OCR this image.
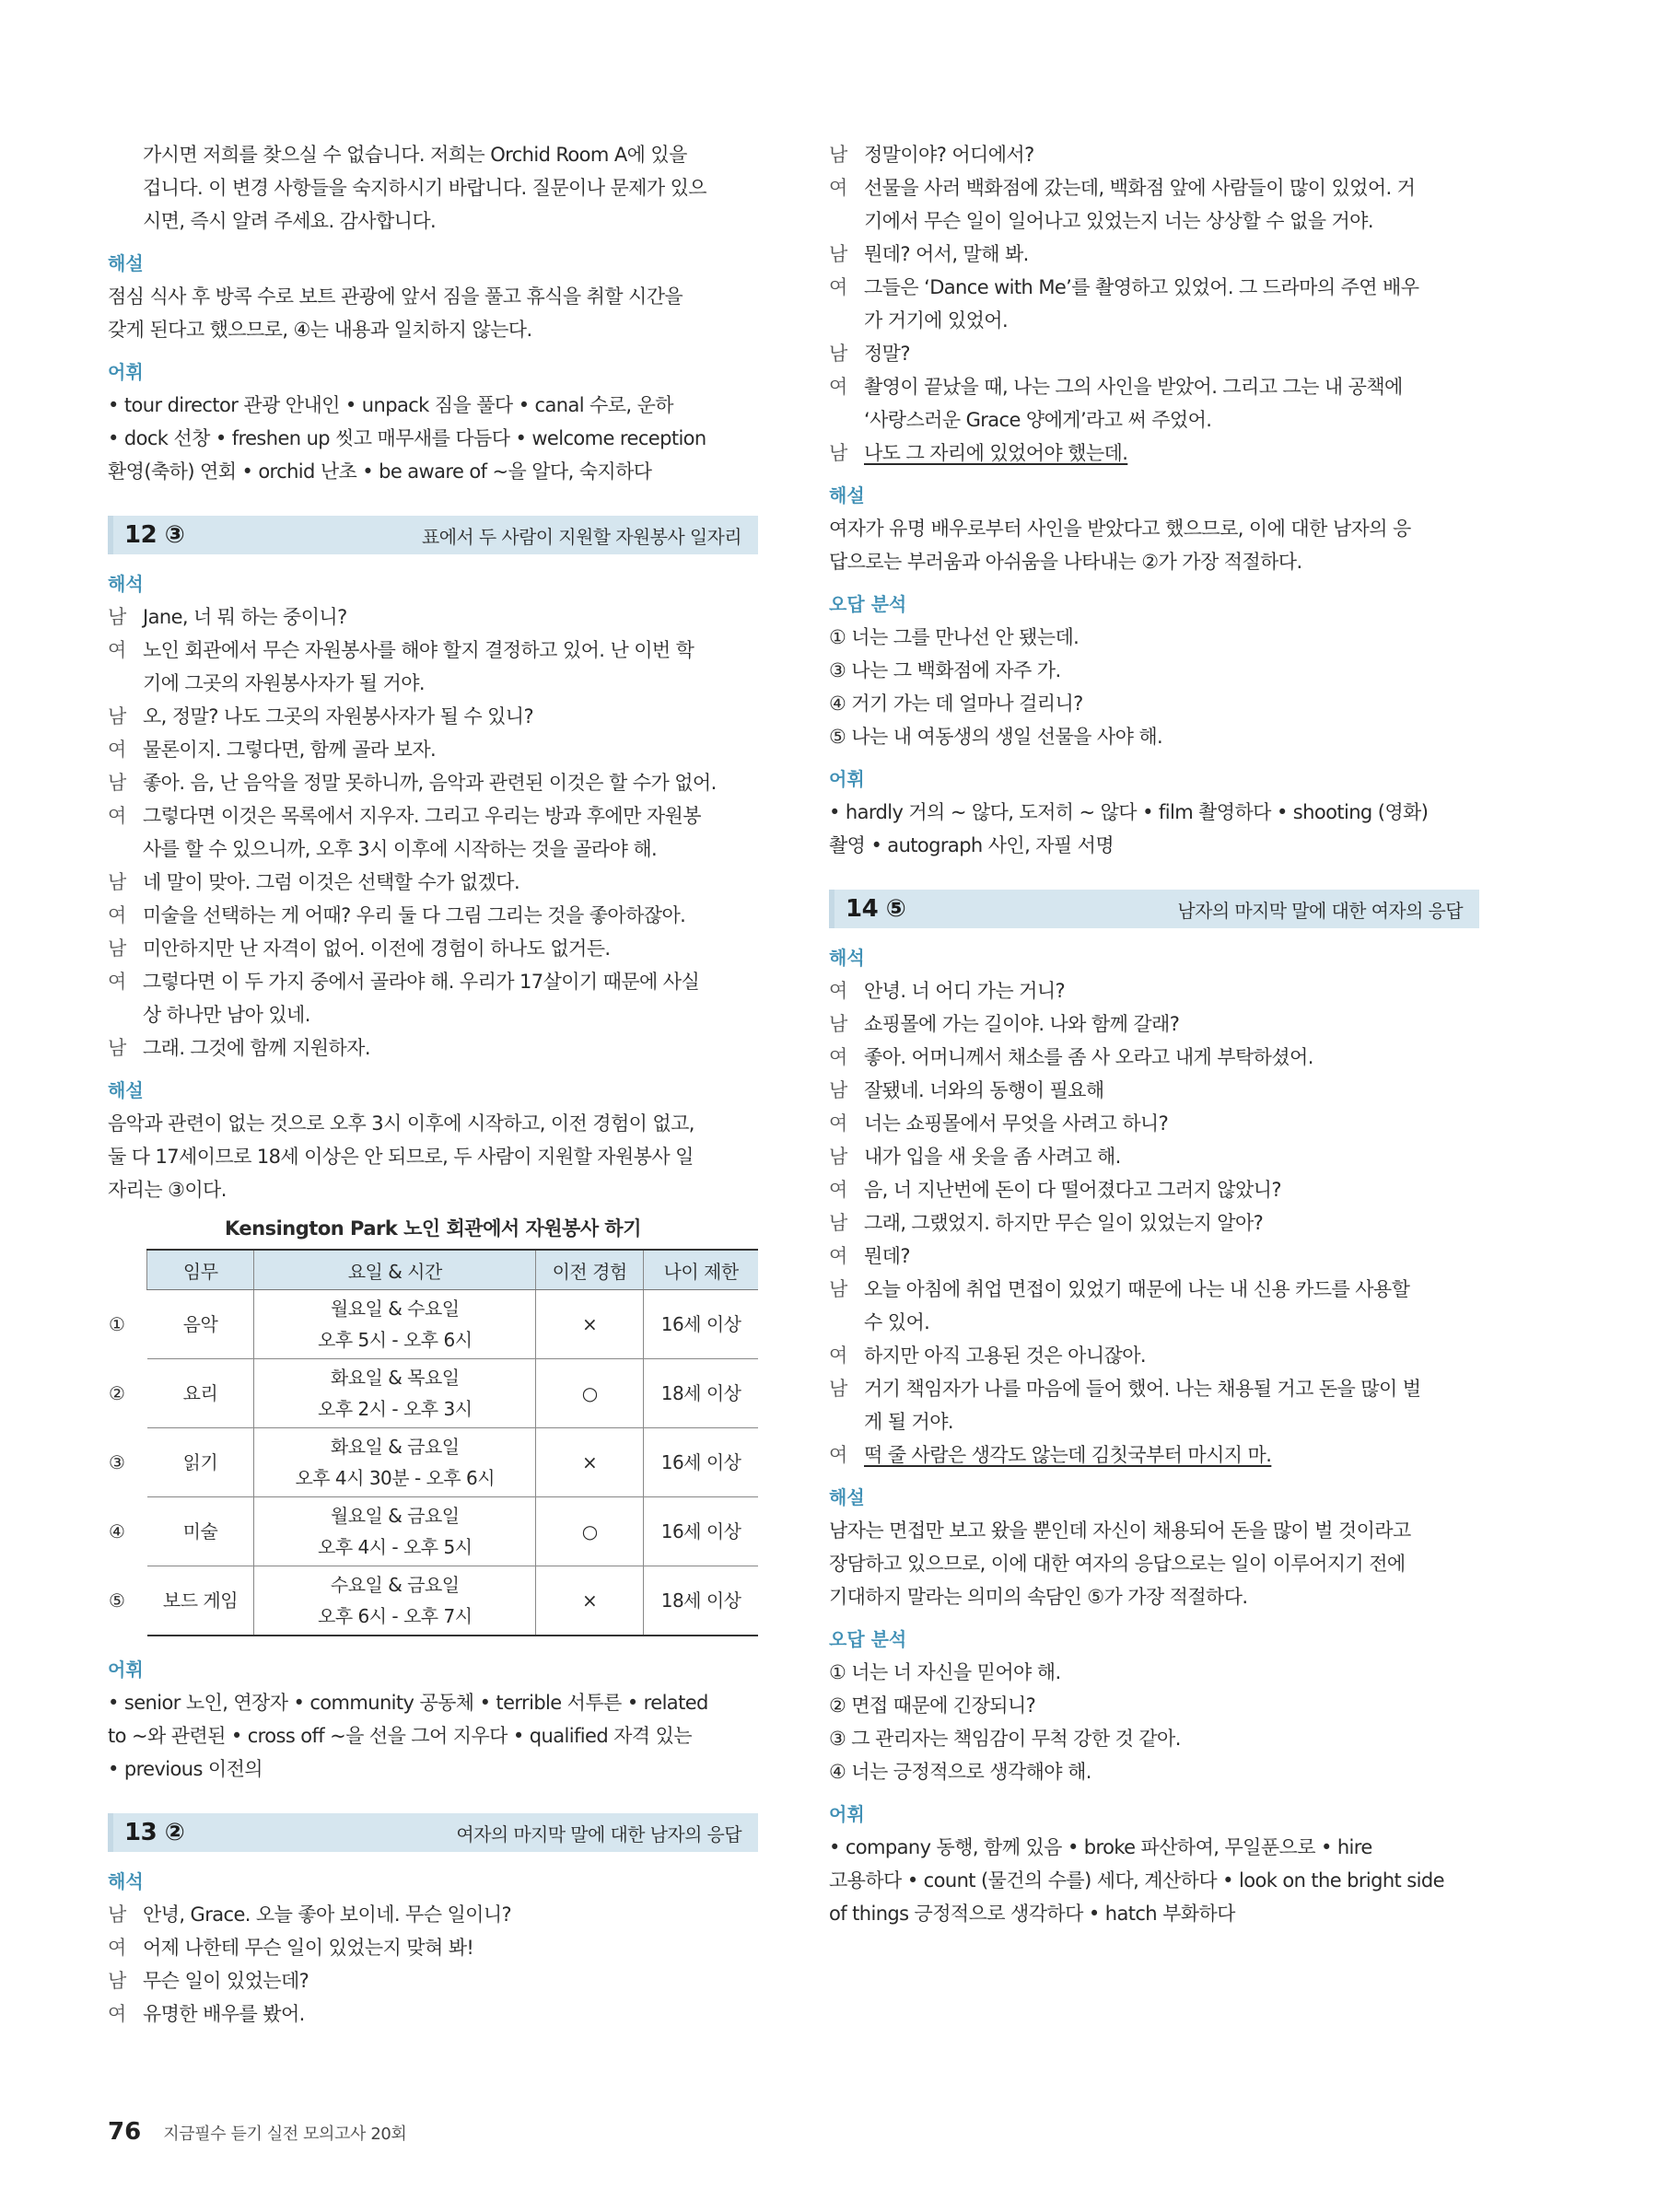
가시면 저희를 찾으실 수 없습니다. 저희는 Orchid Room A에 있을
겁니다. 이 변경 사항들을 숙지하시기 바랍니다. 질문이나 문제가 있으
시면, 즉시 알려 주세요. 감사합니다.
해설
점심 식사 후 방콕 수로 보트 관광에 앞서 짐을 풀고 휴식을 취할 시간을
갖게 된다고 했으므로, ④는 내용과 일치하지 않는다.
어휘
• tour director 관광 안내인 • unpack 짐을 풀다 • canal 수로, 운하
• dock 선창 • freshen up 씻고 매무새를 다듬다 • welcome reception
환영(축하) 연회 • orchid 난초 • be aware of ~을 알다, 숙지하다
12 ③	표에서 두 사람이 지원할 자원봉사 일자리
해석
남 Jane, 너 뭐 하는 중이니?
여 노인 회관에서 무슨 자원봉사를 해야 할지 결정하고 있어. 난 이번 학
기에 그곳의 자원봉사자가 될 거야.
남 오, 정말? 나도 그곳의 자원봉사자가 될 수 있니?
여 물론이지. 그렇다면, 함께 골라 보자.
남 좋아. 음, 난 음악을 정말 못하니까, 음악과 관련된 이것은 할 수가 없어.
여 그렇다면 이것은 목록에서 지우자. 그리고 우리는 방과 후에만 자원봉
사를 할 수 있으니까, 오후 3시 이후에 시작하는 것을 골라야 해.
남 네 말이 맞아. 그럼 이것은 선택할 수가 없겠다.
여 미술을 선택하는 게 어때? 우리 둘 다 그림 그리는 것을 좋아하잖아.
남 미안하지만 난 자격이 없어. 이전에 경험이 하나도 없거든.
여 그렇다면 이 두 가지 중에서 골라야 해. 우리가 17살이기 때문에 사실
상 하나만 남아 있네.
남 그래. 그것에 함께 지원하자.
해설
음악과 관련이 없는 것으로 오후 3시 이후에 시작하고, 이전 경험이 없고,
둘 다 17세이므로 18세 이상은 안 되므로, 두 사람이 지원할 자원봉사 일
자리는 ③이다.
Kensington Park 노인 회관에서 자원봉사 하기
	임무	요일 & 시간	이전 경험	나이 제한
①	음악	월요일 & 수요일
오후 5시 - 오후 6시	×	16세 이상
②	요리	화요일 & 목요일
오후 2시 - 오후 3시	○	18세 이상
③	읽기	화요일 & 금요일
오후 4시 30분 - 오후 6시	×	16세 이상
④	미술	월요일 & 금요일
오후 4시 - 오후 5시	○	16세 이상
⑤	보드 게임	수요일 & 금요일
오후 6시 - 오후 7시	×	18세 이상
어휘
• senior 노인, 연장자 • community 공동체 • terrible 서투른 • related
to ~와 관련된 • cross off ~을 선을 그어 지우다 • qualified 자격 있는
• previous 이전의
13 ②	여자의 마지막 말에 대한 남자의 응답
해석
남 안녕, Grace. 오늘 좋아 보이네. 무슨 일이니?
여 어제 나한테 무슨 일이 있었는지 맞혀 봐!
남 무슨 일이 있었는데?
여 유명한 배우를 봤어.
남 정말이야? 어디에서?
여 선물을 사러 백화점에 갔는데, 백화점 앞에 사람들이 많이 있었어. 거
기에서 무슨 일이 일어나고 있었는지 너는 상상할 수 없을 거야.
남 뭔데? 어서, 말해 봐.
여 그들은 ‘Dance with Me’를 촬영하고 있었어. 그 드라마의 주연 배우
가 거기에 있었어.
남 정말?
여 촬영이 끝났을 때, 나는 그의 사인을 받았어. 그리고 그는 내 공책에
‘사랑스러운 Grace 양에게’라고 써 주었어.
남 나도 그 자리에 있었어야 했는데.
해설
여자가 유명 배우로부터 사인을 받았다고 했으므로, 이에 대한 남자의 응
답으로는 부러움과 아쉬움을 나타내는 ②가 가장 적절하다.
오답 분석
① 너는 그를 만나선 안 됐는데.
③ 나는 그 백화점에 자주 가.
④ 거기 가는 데 얼마나 걸리니?
⑤ 나는 내 여동생의 생일 선물을 사야 해.
어휘
• hardly 거의 ~ 않다, 도저히 ~ 않다 • film 촬영하다 • shooting (영화)
촬영 • autograph 사인, 자필 서명
14 ⑤	남자의 마지막 말에 대한 여자의 응답
해석
여 안녕. 너 어디 가는 거니?
남 쇼핑몰에 가는 길이야. 나와 함께 갈래?
여 좋아. 어머니께서 채소를 좀 사 오라고 내게 부탁하셨어.
남 잘됐네. 너와의 동행이 필요해
여 너는 쇼핑몰에서 무엇을 사려고 하니?
남 내가 입을 새 옷을 좀 사려고 해.
여 음, 너 지난번에 돈이 다 떨어졌다고 그러지 않았니?
남 그래, 그랬었지. 하지만 무슨 일이 있었는지 알아?
여 뭔데?
남 오늘 아침에 취업 면접이 있었기 때문에 나는 내 신용 카드를 사용할
수 있어.
여 하지만 아직 고용된 것은 아니잖아.
남 거기 책임자가 나를 마음에 들어 했어. 나는 채용될 거고 돈을 많이 벌
게 될 거야.
여 떡 줄 사람은 생각도 않는데 김칫국부터 마시지 마.
해설
남자는 면접만 보고 왔을 뿐인데 자신이 채용되어 돈을 많이 벌 것이라고
장담하고 있으므로, 이에 대한 여자의 응답으로는 일이 이루어지기 전에
기대하지 말라는 의미의 속담인 ⑤가 가장 적절하다.
오답 분석
① 너는 너 자신을 믿어야 해.
② 면접 때문에 긴장되니?
③ 그 관리자는 책임감이 무척 강한 것 같아.
④ 너는 긍정적으로 생각해야 해.
어휘
• company 동행, 함께 있음 • broke 파산하여, 무일푼으로 • hire
고용하다 • count (물건의 수를) 세다, 계산하다 • look on the bright side
of things 긍정적으로 생각하다 • hatch 부화하다
76 지금필수 듣기 실전 모의고사 20회
